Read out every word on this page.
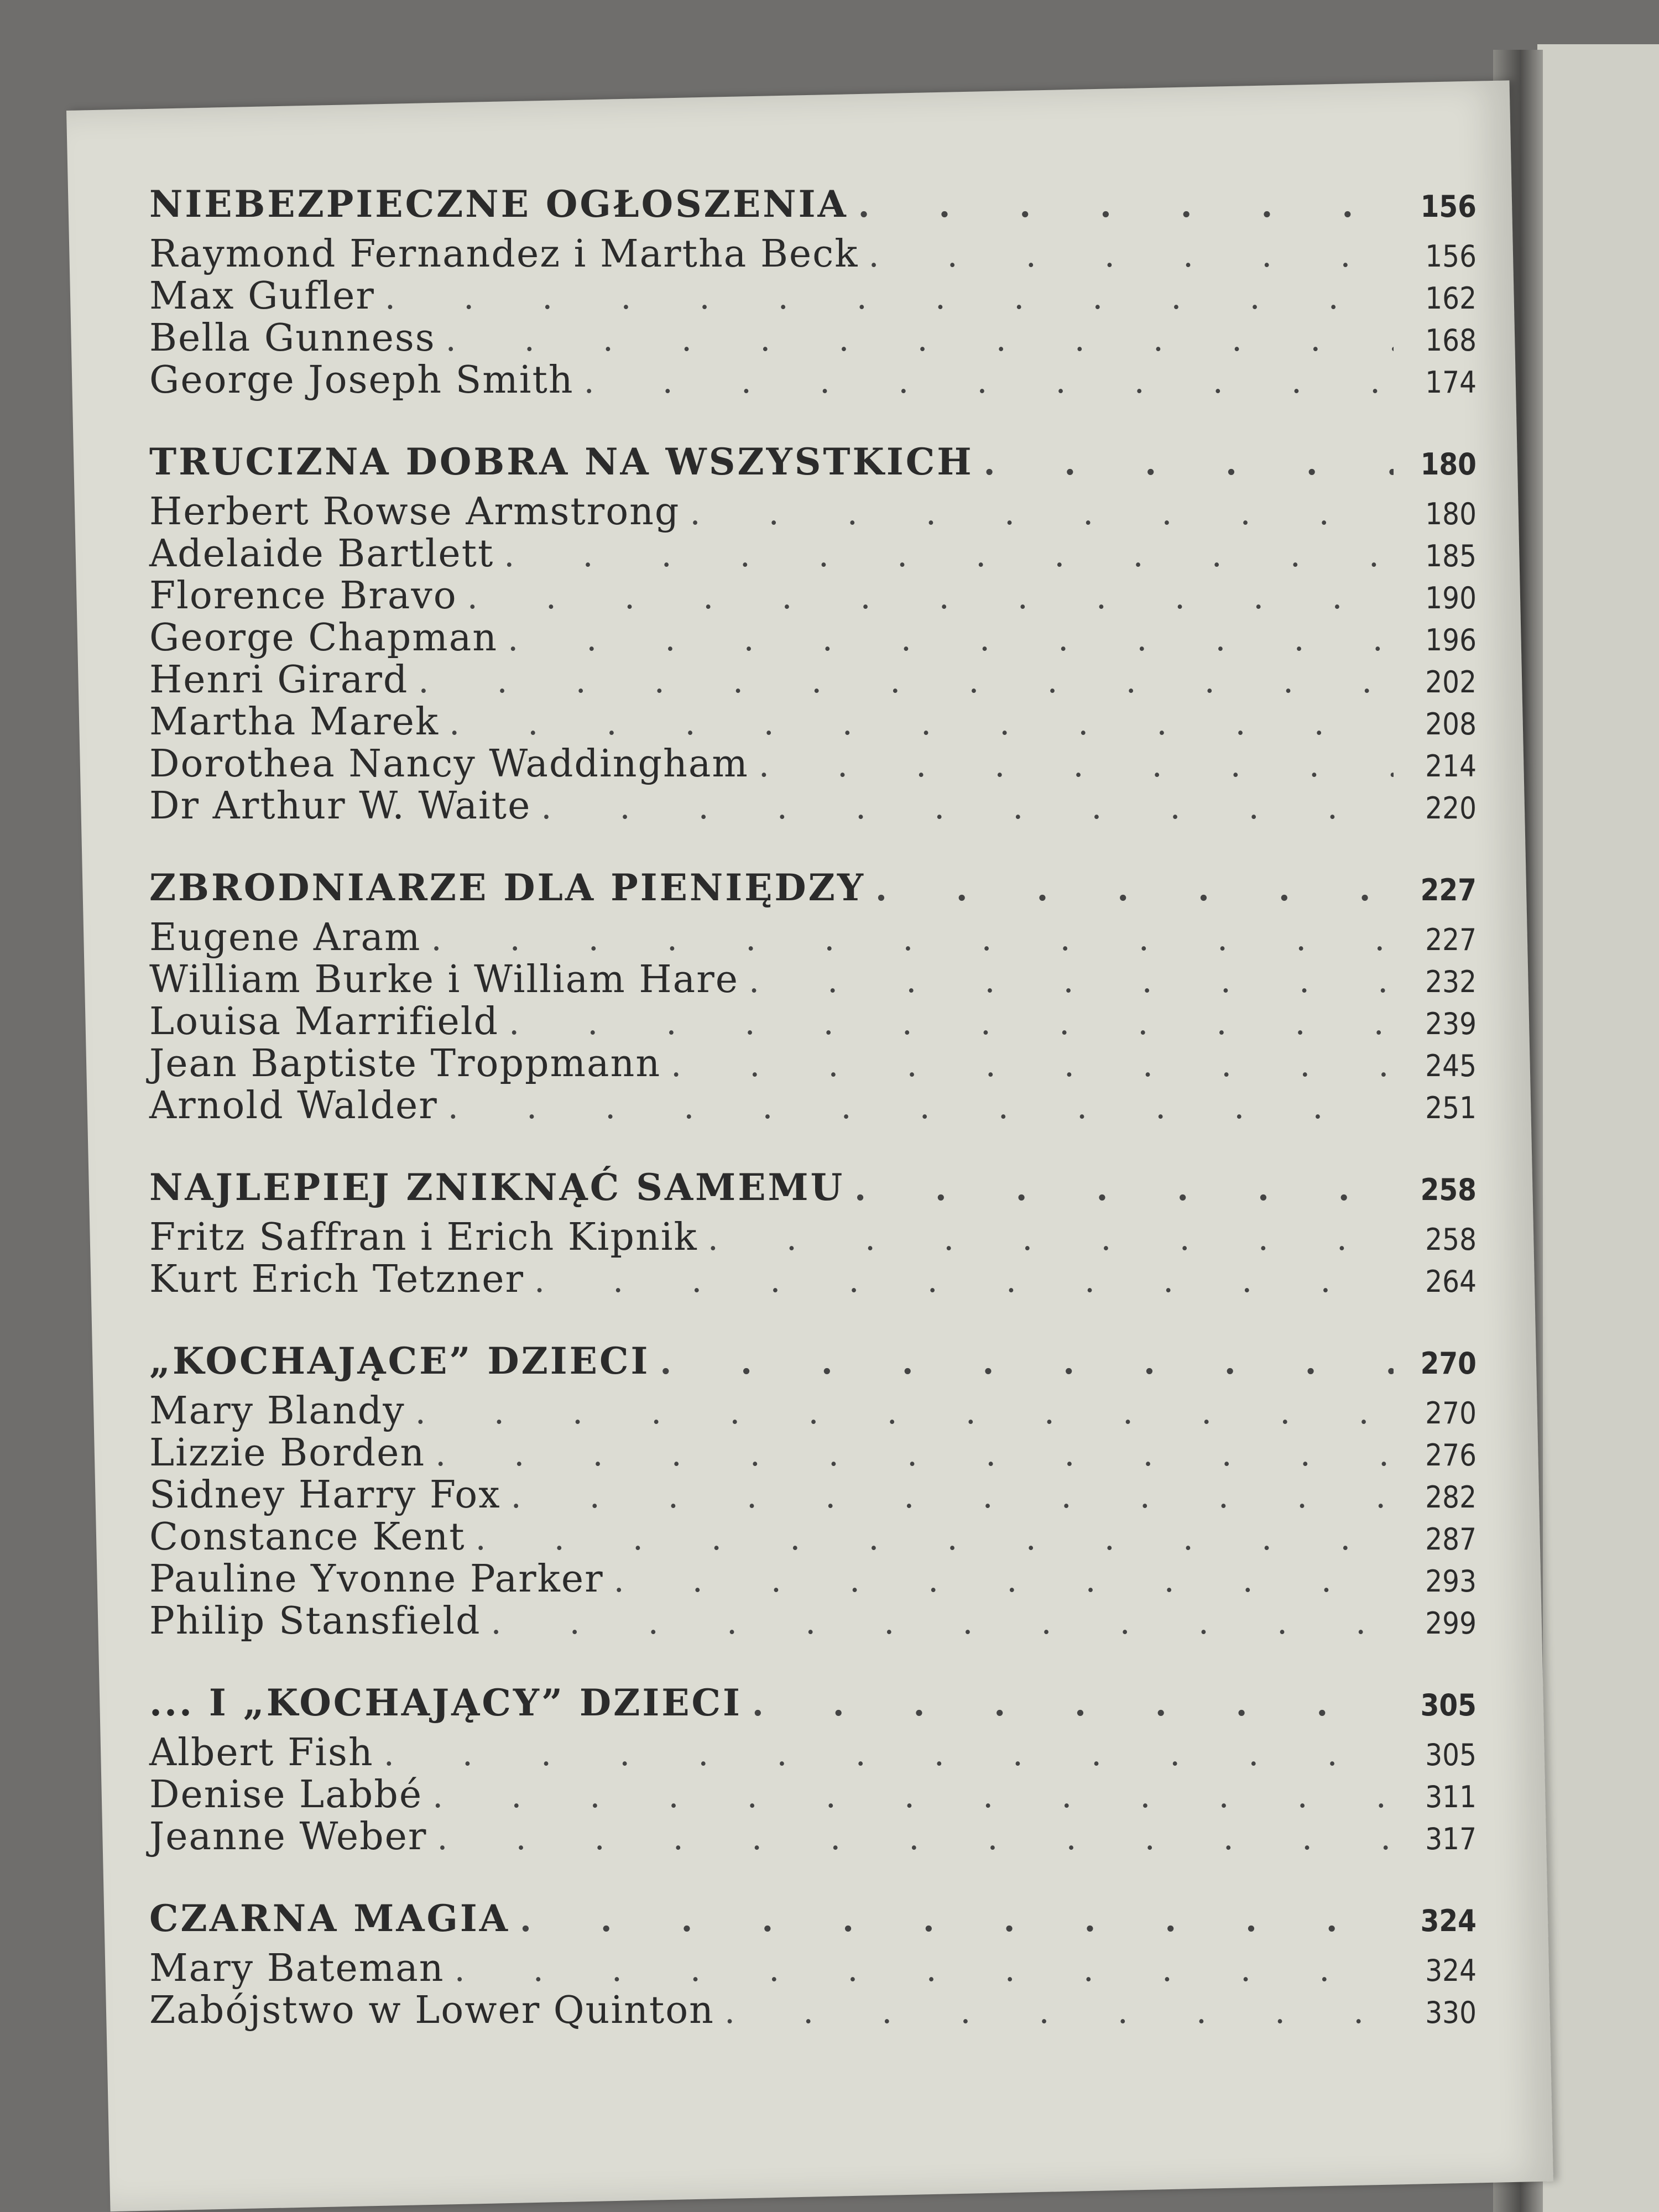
NIEBEZPIECZNE OGŁOSZENIA . . .	156
Raymond Fernandez i Martha Beck . . .	156
Max Gufler . . .	162
Bella Gunness . . .	168
George Joseph Smith . . .	174
TRUCIZNA DOBRA NA WSZYSTKICH . . .	180
Herbert Rowse Armstrong . . .	180
Adelaide Bartlett . . .	185
Florence Bravo . . .	190
George Chapman . . .	196
Henri Girard . . .	202
Martha Marek . . .	208
Dorothea Nancy Waddingham . . .	214
Dr Arthur W. Waite . . .	220
ZBRODNIARZE DLA PIENIĘDZY . . .	227
Eugene Aram . . .	227
William Burke i William Hare . . .	232
Louisa Marrifield . . .	239
Jean Baptiste Troppmann . . .	245
Arnold Walder . . .	251
NAJLEPIEJ ZNIKNĄĆ SAMEMU . . .	258
Fritz Saffran i Erich Kipnik . . .	258
Kurt Erich Tetzner . . .	264
„KOCHAJĄCE” DZIECI . . .	270
Mary Blandy . . .	270
Lizzie Borden . . .	276
Sidney Harry Fox . . .	282
Constance Kent . . .	287
Pauline Yvonne Parker . . .	293
Philip Stansfield . . .	299
... I „KOCHAJĄCY” DZIECI . . .	305
Albert Fish . . .	305
Denise Labbé . . .	311
Jeanne Weber . . .	317
CZARNA MAGIA . . .	324
Mary Bateman . . .	324
Zabójstwo w Lower Quinton . . .	330
